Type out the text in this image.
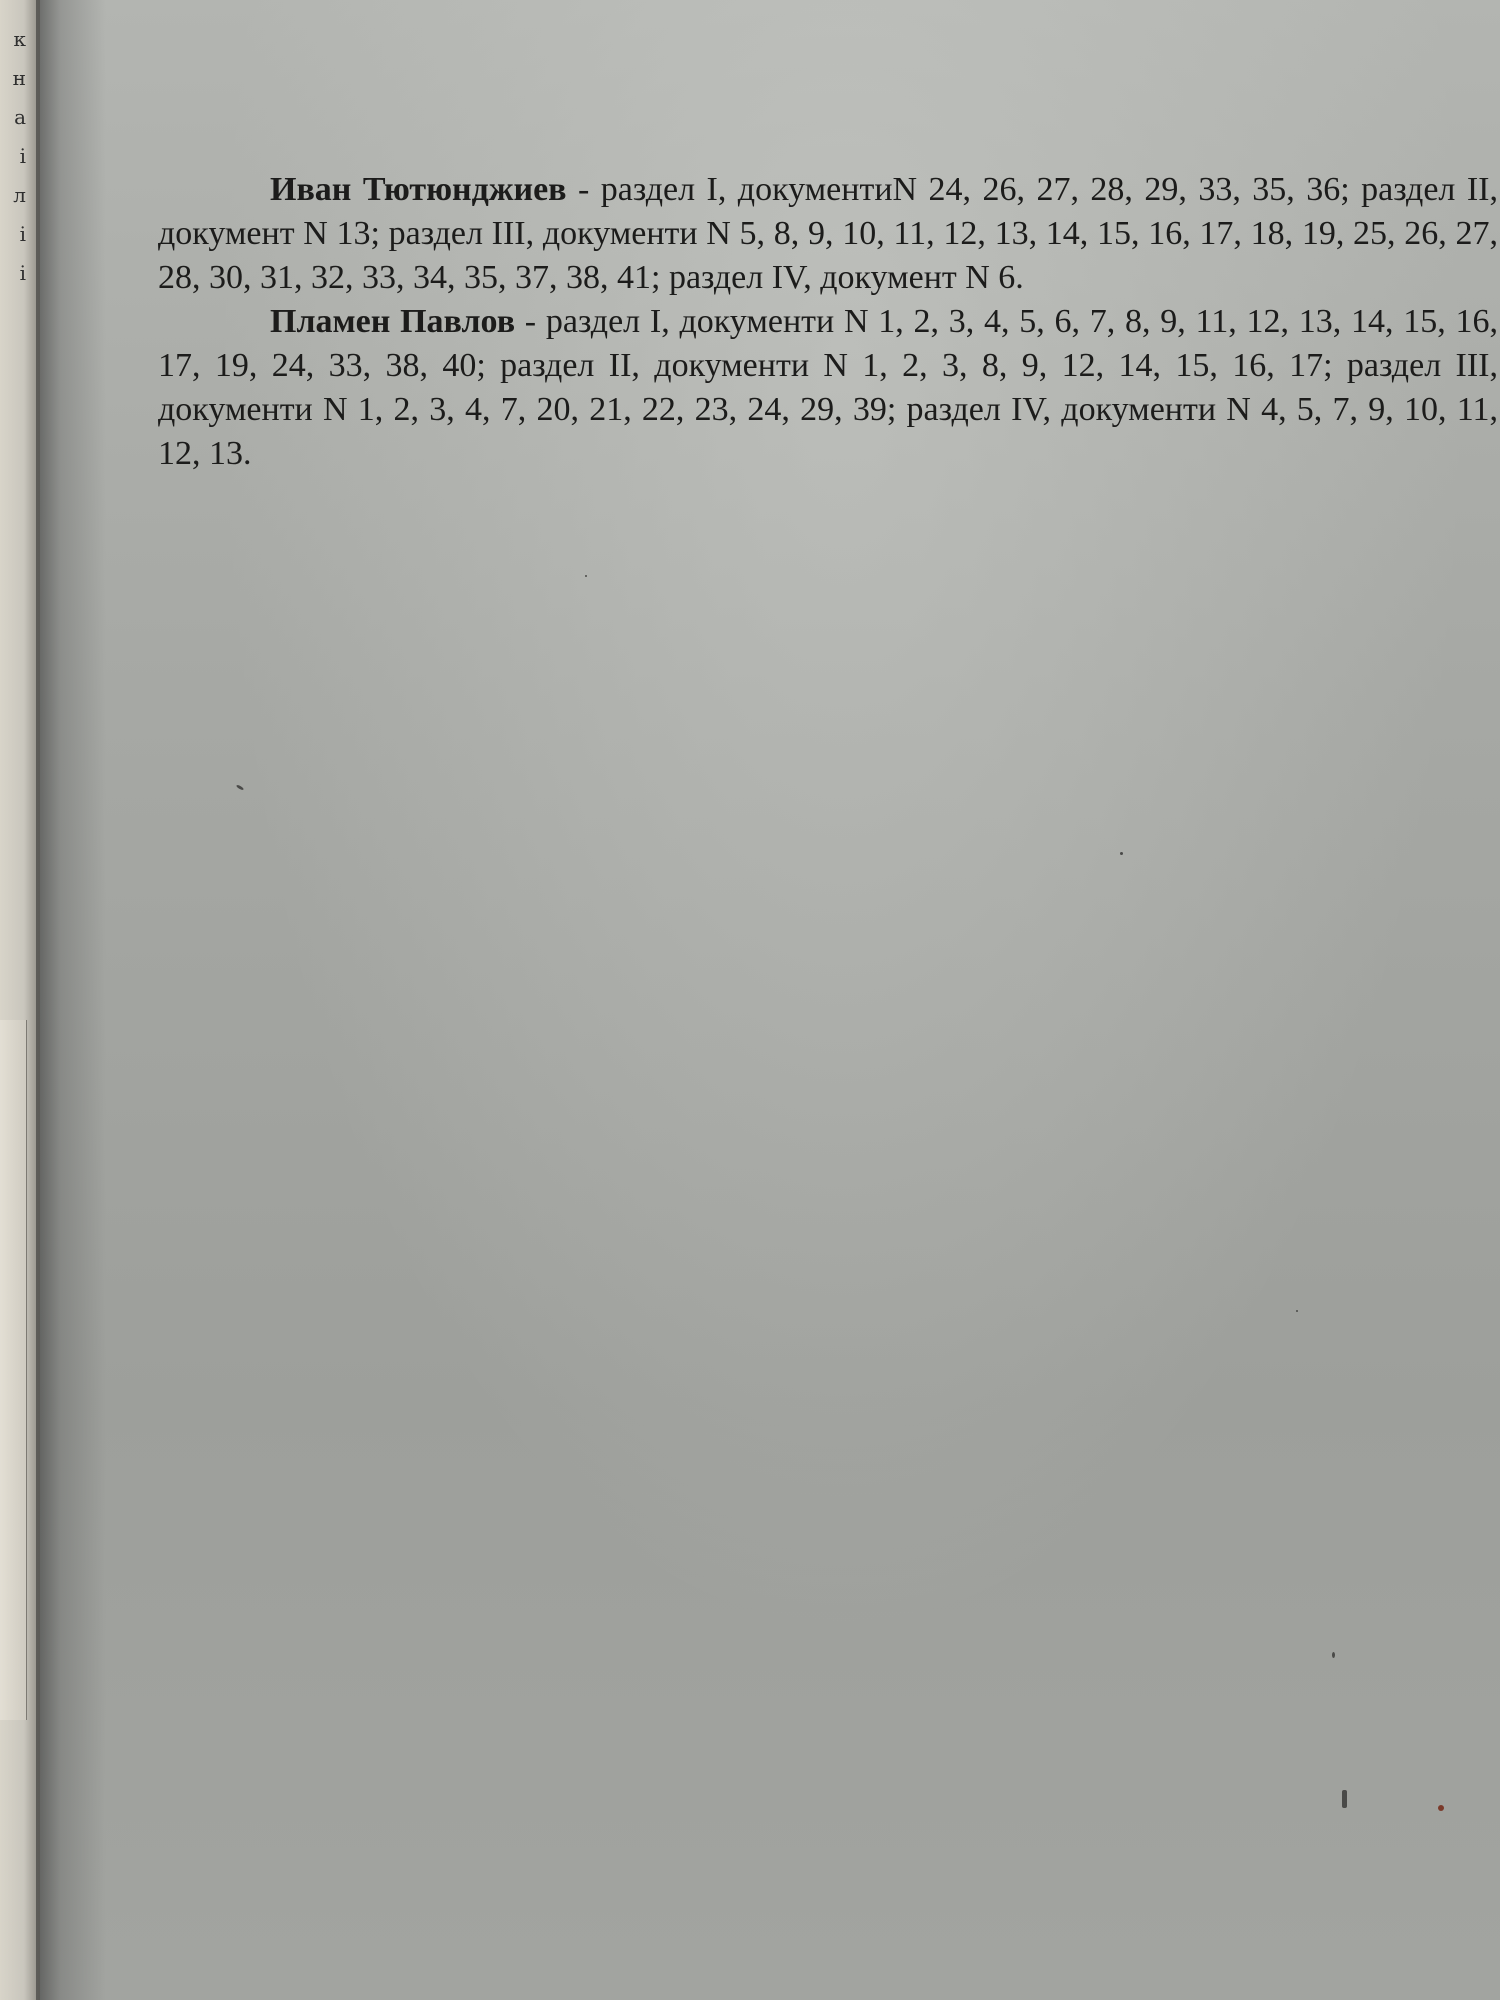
к
н
а
і
л
і
і

Иван Тютюнджиев - раздел I, документиN 24, 26, 27, 28, 29, 33, 35, 36; раздел II, документ N 13; раздел III, документи N 5, 8, 9, 10, 11, 12, 13, 14, 15, 16, 17, 18, 19, 25, 26, 27, 28, 30, 31, 32, 33, 34, 35, 37, 38, 41; раздел IV, документ N 6.

Пламен Павлов - раздел I, документи N 1, 2, 3, 4, 5, 6, 7, 8, 9, 11, 12, 13, 14, 15, 16, 17, 19, 24, 33, 38, 40; раздел II, документи N 1, 2, 3, 8, 9, 12, 14, 15, 16, 17; раздел III, документи N 1, 2, 3, 4, 7, 20, 21, 22, 23, 24, 29, 39; раздел IV, документи N 4, 5, 7, 9, 10, 11, 12, 13.
